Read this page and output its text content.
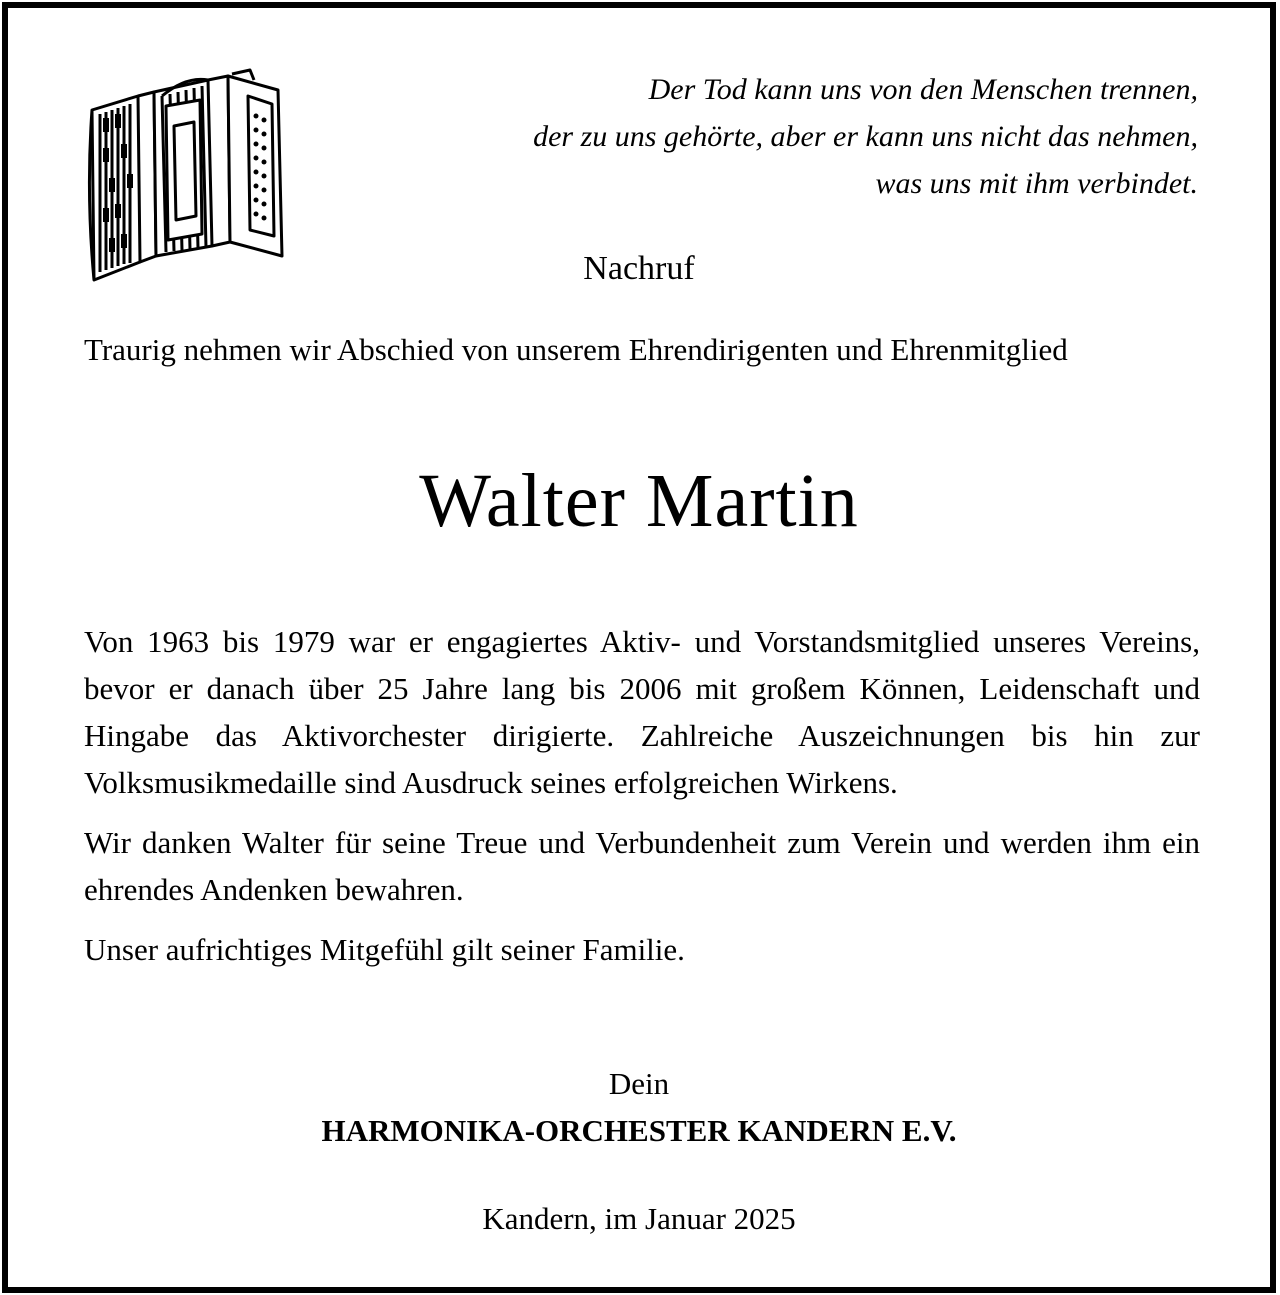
Der Tod kann uns von den Menschen trennen,
der zu uns gehörte, aber er kann uns nicht das nehmen,
was uns mit ihm verbindet.
Nachruf
Traurig nehmen wir Abschied von unserem Ehrendirigenten und Ehrenmitglied
Walter Martin

Von 1963 bis 1979 war er engagiertes Aktiv- und Vorstandsmitglied unseres Vereins, bevor er danach über 25 Jahre lang bis 2006 mit großem Können, Leidenschaft und Hingabe das Aktivorchester dirigierte. Zahlreiche Auszeichnungen bis hin zur Volksmusikmedaille sind Ausdruck seines erfolgreichen Wirkens.

Wir danken Walter für seine Treue und Verbundenheit zum Verein und werden ihm ein ehrendes Andenken bewahren.

Unser aufrichtiges Mitgefühl gilt seiner Familie.

Dein
HARMONIKA-ORCHESTER KANDERN E.V.
Kandern, im Januar 2025
